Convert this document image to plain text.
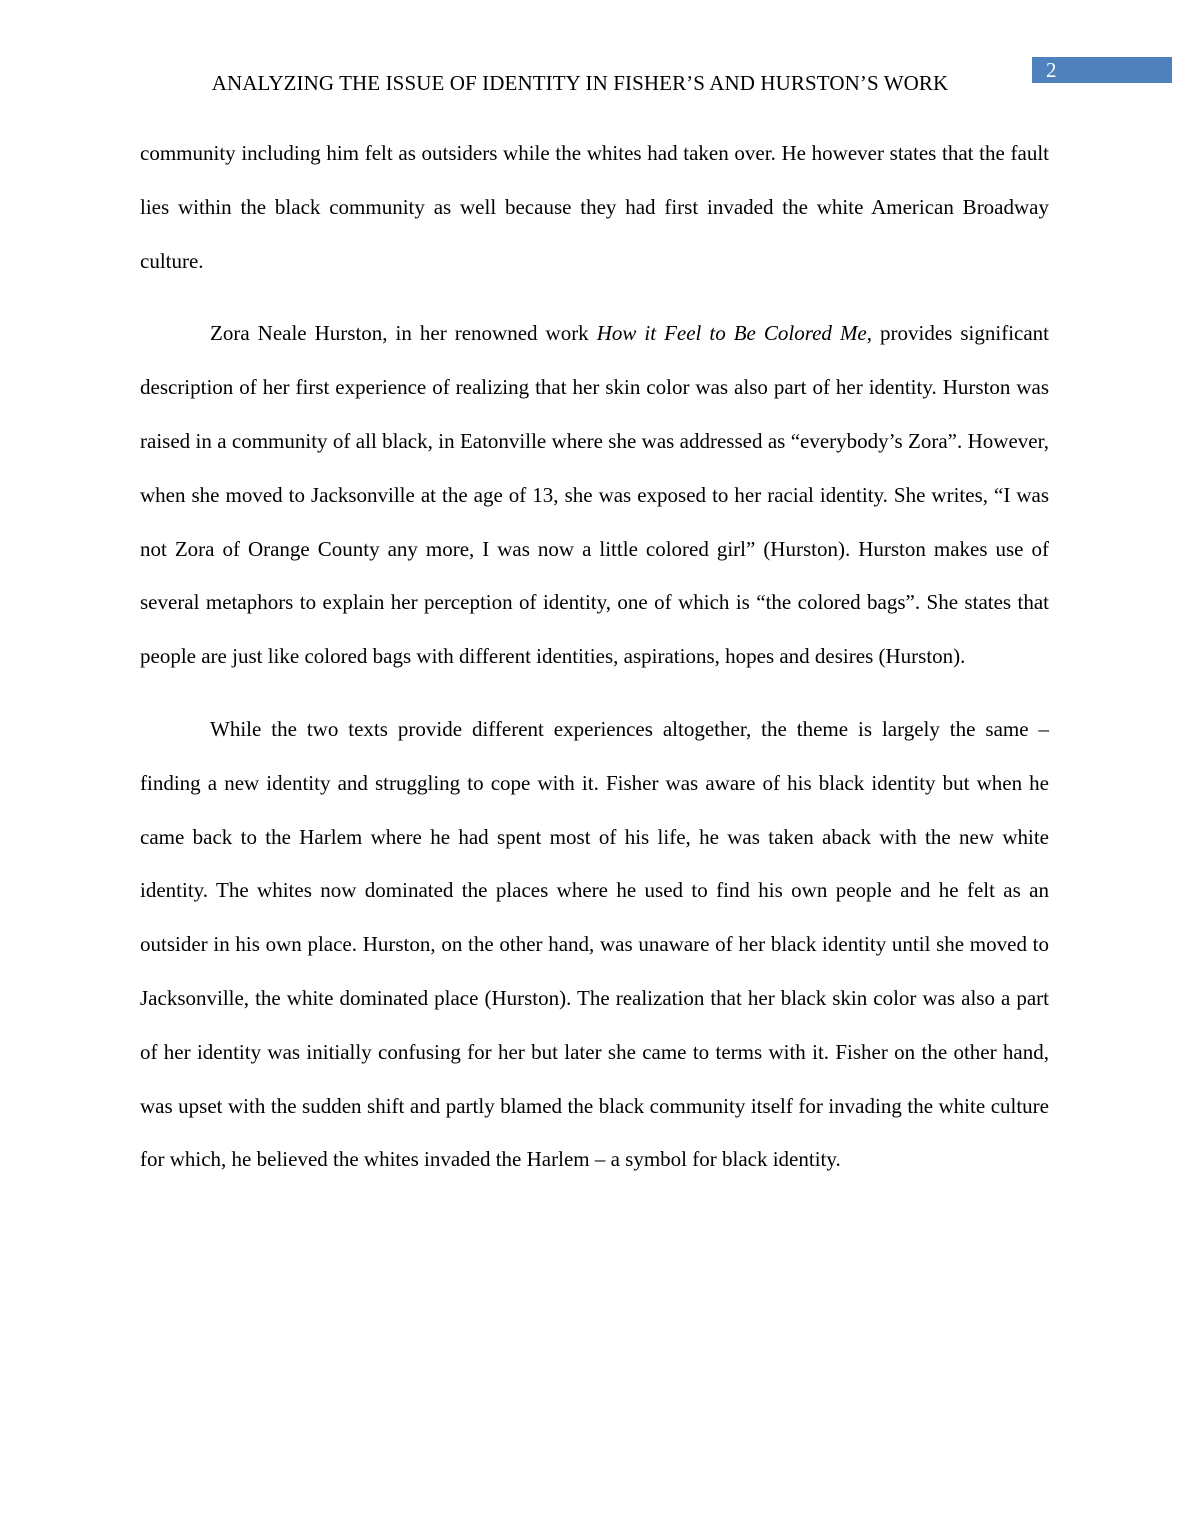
ANALYZING THE ISSUE OF IDENTITY IN FISHER’S AND HURSTON’S WORK
2

community including him felt as outsiders while the whites had taken over. He however states that the fault lies within the black community as well because they had first invaded the white American Broadway culture.

Zora Neale Hurston, in her renowned work How it Feel to Be Colored Me, provides significant description of her first experience of realizing that her skin color was also part of her identity. Hurston was raised in a community of all black, in Eatonville where she was addressed as “everybody’s Zora”. However, when she moved to Jacksonville at the age of 13, she was exposed to her racial identity. She writes, “I was not Zora of Orange County any more, I was now a little colored girl” (Hurston). Hurston makes use of several metaphors to explain her perception of identity, one of which is “the colored bags”. She states that people are just like colored bags with different identities, aspirations, hopes and desires (Hurston).

While the two texts provide different experiences altogether, the theme is largely the same – finding a new identity and struggling to cope with it. Fisher was aware of his black identity but when he came back to the Harlem where he had spent most of his life, he was taken aback with the new white identity. The whites now dominated the places where he used to find his own people and he felt as an outsider in his own place. Hurston, on the other hand, was unaware of her black identity until she moved to Jacksonville, the white dominated place (Hurston). The realization that her black skin color was also a part of her identity was initially confusing for her but later she came to terms with it. Fisher on the other hand, was upset with the sudden shift and partly blamed the black community itself for invading the white culture for which, he believed the whites invaded the Harlem – a symbol for black identity.
